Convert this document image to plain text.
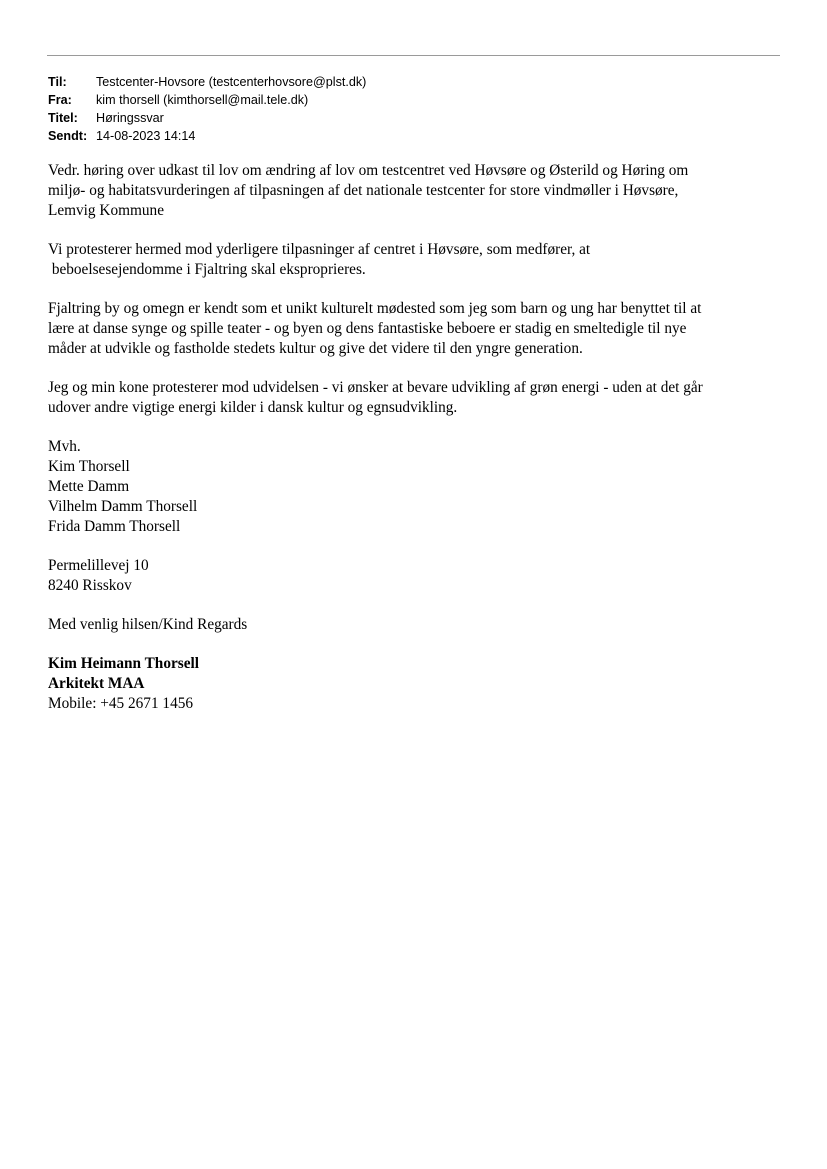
Til:	Testcenter-Hovsore (testcenterhovsore@plst.dk)
Fra:	kim thorsell (kimthorsell@mail.tele.dk)
Titel:	Høringssvar
Sendt: 14-08-2023 14:14

Vedr. høring over udkast til lov om ændring af lov om testcentret ved Høvsøre og Østerild og Høring om
miljø- og habitatsvurderingen af tilpasningen af det nationale testcenter for store vindmøller i Høvsøre,
Lemvig Kommune

Vi protesterer hermed mod yderligere tilpasninger af centret i Høvsøre, som medfører, at
beboelsesejendomme i Fjaltring skal eksproprieres.

Fjaltring by og omegn er kendt som et unikt kulturelt mødested som jeg som barn og ung har benyttet til at
lære at danse synge og spille teater - og byen og dens fantastiske beboere er stadig en smeltedigle til nye
måder at udvikle og fastholde stedets kultur og give det videre til den yngre generation.

Jeg og min kone protesterer mod udvidelsen - vi ønsker at bevare udvikling af grøn energi - uden at det går
udover andre vigtige energi kilder i dansk kultur og egnsudvikling.

Mvh.
Kim Thorsell
Mette Damm
Vilhelm Damm Thorsell
Frida Damm Thorsell

Permelillevej 10
8240 Risskov

Med venlig hilsen/Kind Regards

Kim Heimann Thorsell
Arkitekt MAA
Mobile: +45 2671 1456
